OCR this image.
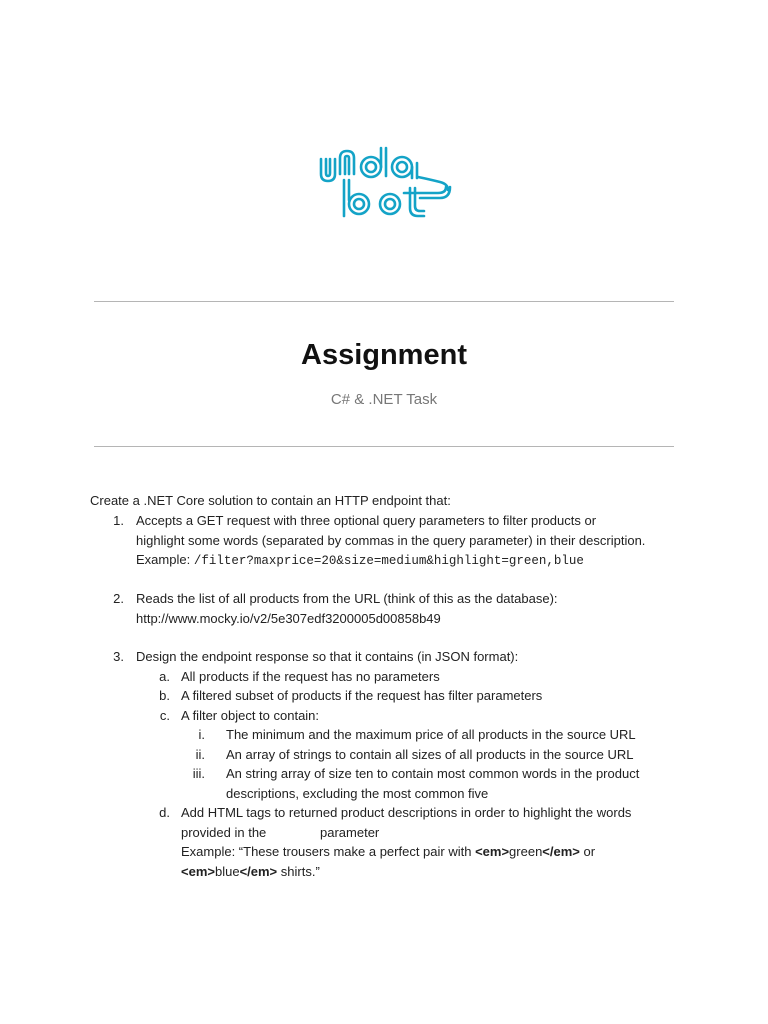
Assignment
C# & .NET Task
Create a .NET Core solution to contain an HTTP endpoint that:
1. Accepts a GET request with three optional query parameters to filter products or
highlight some words (separated by commas in the query parameter) in their description.
Example: /filter?maxprice=20&size=medium&highlight=green,blue
2. Reads the list of all products from the URL (think of this as the database):
http://www.mocky.io/v2/5e307edf3200005d00858b49
3. Design the endpoint response so that it contains (in JSON format):
a. All products if the request has no parameters
b. A filtered subset of products if the request has filter parameters
c. A filter object to contain:
i. The minimum and the maximum price of all products in the source URL
ii. An array of strings to contain all sizes of all products in the source URL
iii. An string array of size ten to contain most common words in the product
descriptions, excluding the most common five
d. Add HTML tags to returned product descriptions in order to highlight the words
provided in the	parameter
Example: “These trousers make a perfect pair with <em>green</em> or
<em>blue</em> shirts.”
